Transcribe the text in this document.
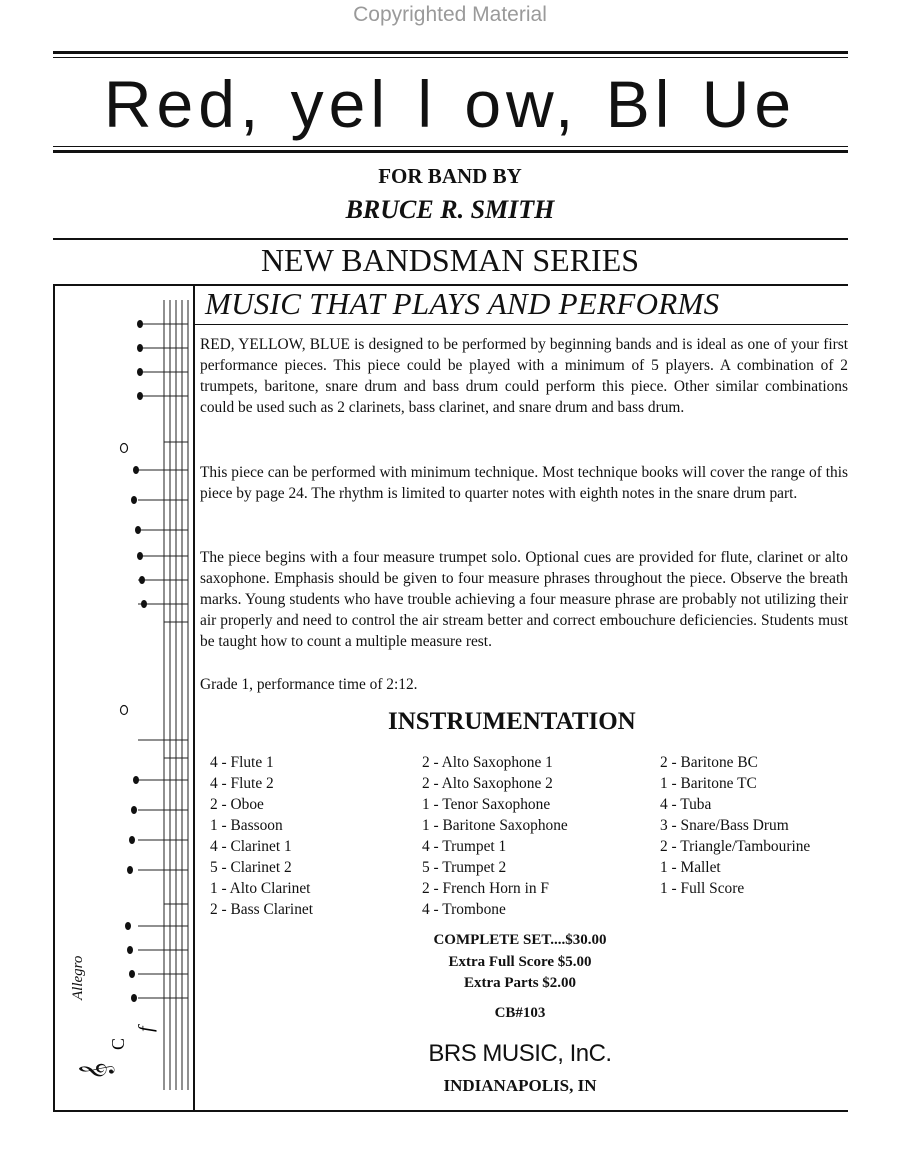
Copyrighted Material
Red, yel l ow, Bl Ue
FOR BAND BY
BRUCE R. SMITH
NEW BANDSMAN SERIES
MUSIC THAT PLAYS AND PERFORMS
f
C
𝄞
Allegro
RED, YELLOW, BLUE is designed to be performed by beginning bands and is ideal as one of your first performance pieces. This piece could be played with a minimum of 5 players. A combination of 2 trumpets, baritone, snare drum and bass drum could perform this piece. Other similar combinations could be used such as 2 clarinets, bass clarinet, and snare drum and bass drum.
This piece can be performed with minimum technique. Most technique books will cover the range of this piece by page 24. The rhythm is limited to quarter notes with eighth notes in the snare drum part.
The piece begins with a four measure trumpet solo. Optional cues are provided for flute, clarinet or alto saxophone. Emphasis should be given to four measure phrases throughout the piece. Observe the breath marks. Young students who have trouble achieving a four measure phrase are probably not utilizing their air properly and need to control the air stream better and correct embouchure deficiencies. Students must be taught how to count a multiple measure rest.
Grade 1, performance time of 2:12.
INSTRUMENTATION
4 - Flute 1
4 - Flute 2
2 - Oboe
1 - Bassoon
4 - Clarinet 1
5 - Clarinet 2
1 - Alto Clarinet
2 - Bass Clarinet
2 - Alto Saxophone 1
2 - Alto Saxophone 2
1 - Tenor Saxophone
1 - Baritone Saxophone
4 - Trumpet 1
5 - Trumpet 2
2 - French Horn in F
4 - Trombone
2 - Baritone BC
1 - Baritone TC
4 - Tuba
3 - Snare/Bass Drum
2 - Triangle/Tambourine
1 - Mallet
1 - Full Score
COMPLETE SET....$30.00
Extra Full Score $5.00
Extra Parts $2.00
CB#103
BRS MUSIC, InC.
INDIANAPOLIS, IN
